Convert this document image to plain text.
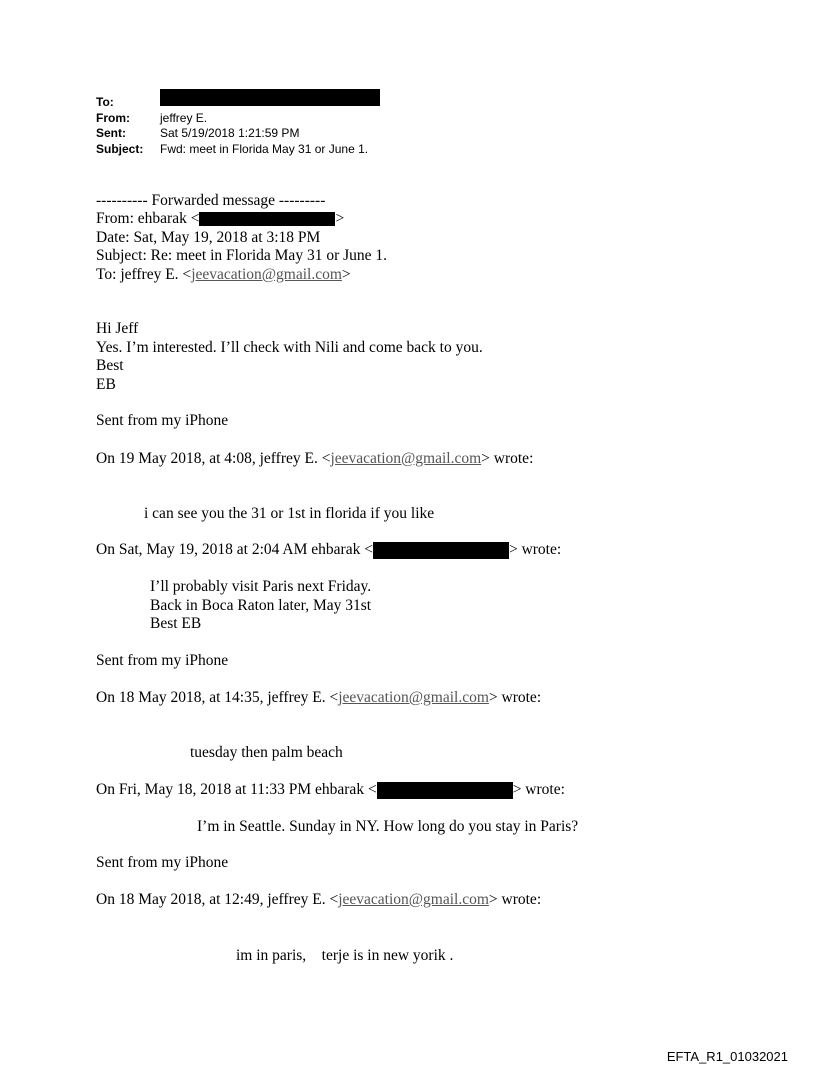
To:
From:	jeffrey E.
Sent:	Sat 5/19/2018 1:21:59 PM
Subject:	Fwd: meet in Florida May 31 or June 1.
---------- Forwarded message ---------
From: ehbarak <	>
Date: Sat, May 19, 2018 at 3:18 PM
Subject: Re: meet in Florida May 31 or June 1.
To: jeffrey E. <jeevacation@gmail.com>
Hi Jeff
Yes. I’m interested. I’ll check with Nili and come back to you.
Best
EB
Sent from my iPhone
On 19 May 2018, at 4:08, jeffrey E. <jeevacation@gmail.com> wrote:
i can see you the 31 or 1st in florida if you like
On Sat, May 19, 2018 at 2:04 AM ehbarak <	> wrote:
I’ll probably visit Paris next Friday.
Back in Boca Raton later, May 31st
Best EB
Sent from my iPhone
On 18 May 2018, at 14:35, jeffrey E. <jeevacation@gmail.com> wrote:
tuesday then palm beach
On Fri, May 18, 2018 at 11:33 PM ehbarak <	> wrote:
I’m in Seattle. Sunday in NY. How long do you stay in Paris?
Sent from my iPhone
On 18 May 2018, at 12:49, jeffrey E. <jeevacation@gmail.com> wrote:
im in paris,    terje is in new yorik .
EFTA_R1_01032021
